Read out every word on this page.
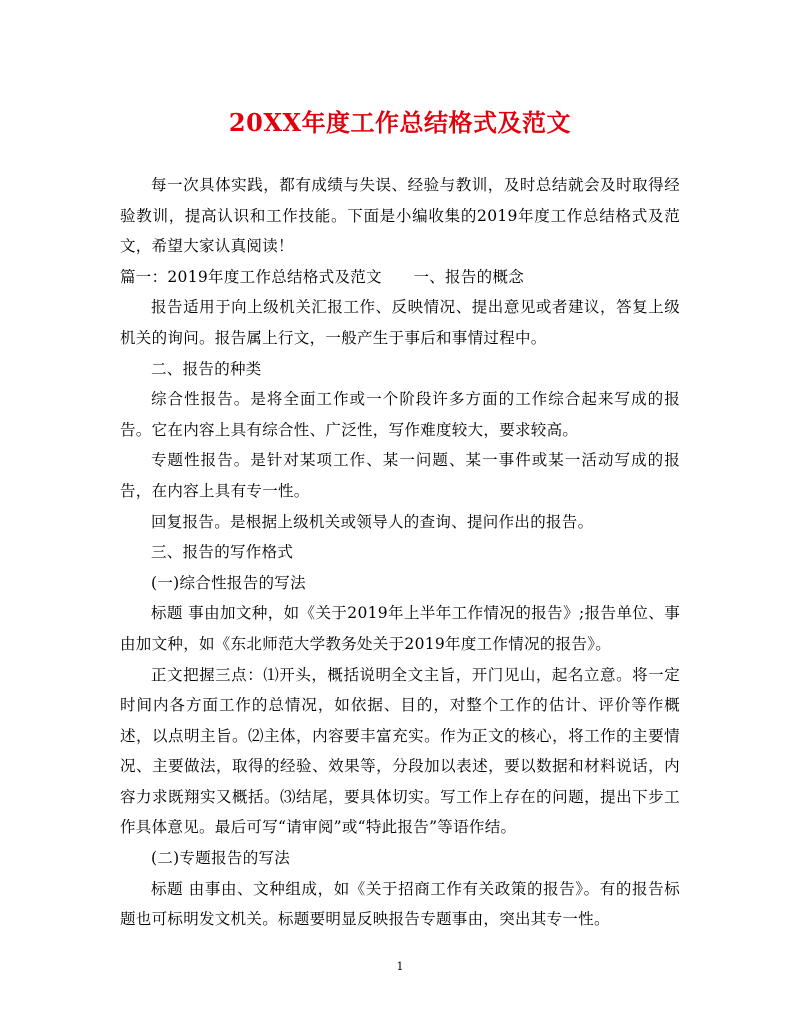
20XX年度工作总结格式及范文

每一次具体实践，都有成绩与失误、经验与教训，及时总结就会及时取得经验教训，提高认识和工作技能。下面是小编收集的2019年度工作总结格式及范文，希望大家认真阅读！

篇一：2019年度工作总结格式及范文　　一、报告的概念

报告适用于向上级机关汇报工作、反映情况、提出意见或者建议，答复上级机关的询问。报告属上行文，一般产生于事后和事情过程中。

二、报告的种类

综合性报告。是将全面工作或一个阶段许多方面的工作综合起来写成的报告。它在内容上具有综合性、广泛性，写作难度较大，要求较高。

专题性报告。是针对某项工作、某一问题、某一事件或某一活动写成的报告，在内容上具有专一性。

回复报告。是根据上级机关或领导人的查询、提问作出的报告。

三、报告的写作格式

(一)综合性报告的写法

标题 事由加文种，如《关于2019年上半年工作情况的报告》;报告单位、事由加文种，如《东北师范大学教务处关于2019年度工作情况的报告》。

正文把握三点：⑴开头，概括说明全文主旨，开门见山，起名立意。将一定时间内各方面工作的总情况，如依据、目的，对整个工作的估计、评价等作概述，以点明主旨。⑵主体，内容要丰富充实。作为正文的核心，将工作的主要情况、主要做法，取得的经验、效果等，分段加以表述，要以数据和材料说话，内容力求既翔实又概括。⑶结尾，要具体切实。写工作上存在的问题，提出下步工作具体意见。最后可写“请审阅”或“特此报告”等语作结。

(二)专题报告的写法

标题 由事由、文种组成，如《关于招商工作有关政策的报告》。有的报告标题也可标明发文机关。标题要明显反映报告专题事由，突出其专一性。

1
